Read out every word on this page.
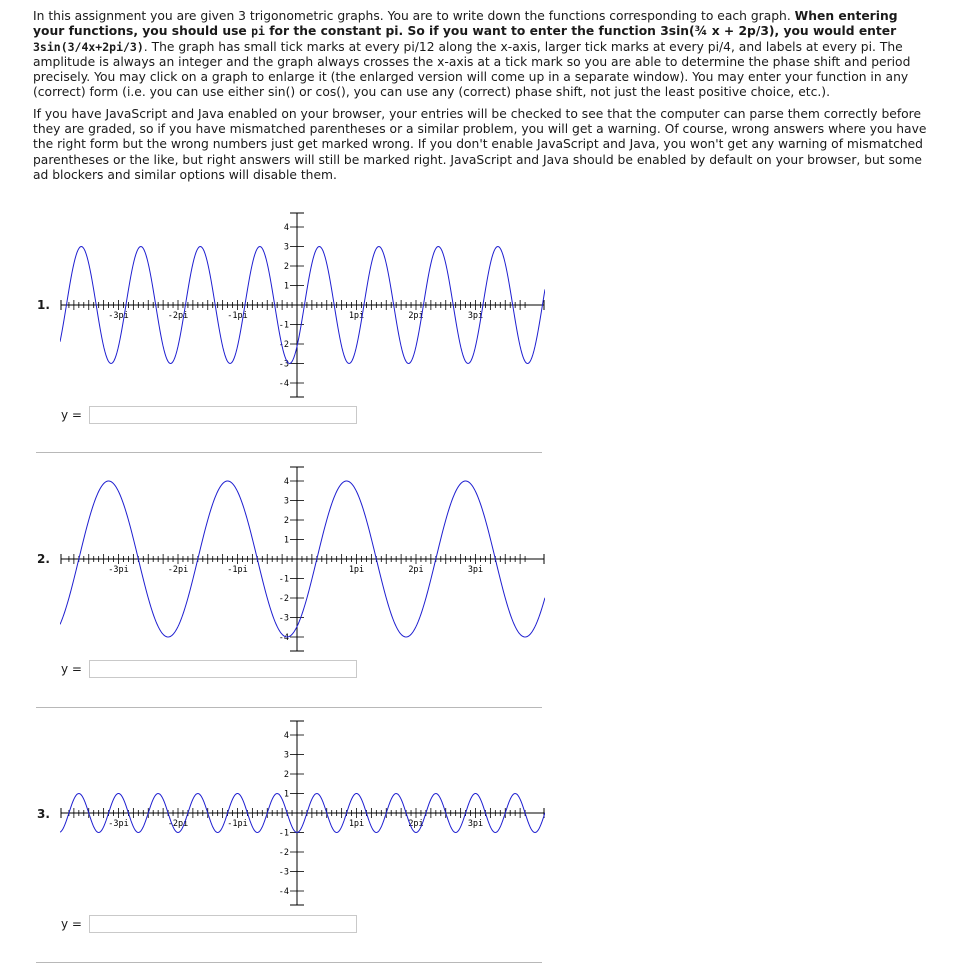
In this assignment you are given 3 trigonometric graphs. You are to write down the functions corresponding to each graph. When entering your functions, you should use pi for the constant pi. So if you want to enter the function 3sin(¾ x + 2p/3), you would enter
3sin(3/4x+2pi/3). The graph has small tick marks at every pi/12 along the x-axis, larger tick marks at every pi/4, and labels at every pi. The amplitude is always an integer and the graph always crosses the x-axis at a tick mark so you are able to determine the phase shift and period precisely. You may click on a graph to enlarge it (the enlarged version will come up in a separate window). You may enter your function in any (correct) form (i.e. you can use either sin() or cos(), you can use any (correct) phase shift, not just the least positive choice, etc.).

If you have JavaScript and Java enabled on your browser, your entries will be checked to see that the computer can parse them correctly before they are graded, so if you have mismatched parentheses or a similar problem, you will get a warning. Of course, wrong answers where you have the right form but the wrong numbers just get marked wrong. If you don't enable JavaScript and Java, you won't get any warning of mismatched parentheses or the like, but right answers will still be marked right. JavaScript and Java should be enabled by default on your browser, but some ad blockers and similar options will disable them.

1.
-3pi	-2pi	-1pi	1pi	2pi	3pi
4
3
2
1
-1
-2
-3
-4
y =
2.
-3pi	-2pi	-1pi	1pi	2pi	3pi
4
3
2
1
-1
-2
-3
-4
y =
3.
-3pi	-2pi	-1pi	1pi	2pi	3pi
4
3
2
1
-1
-2
-3
-4
y =
